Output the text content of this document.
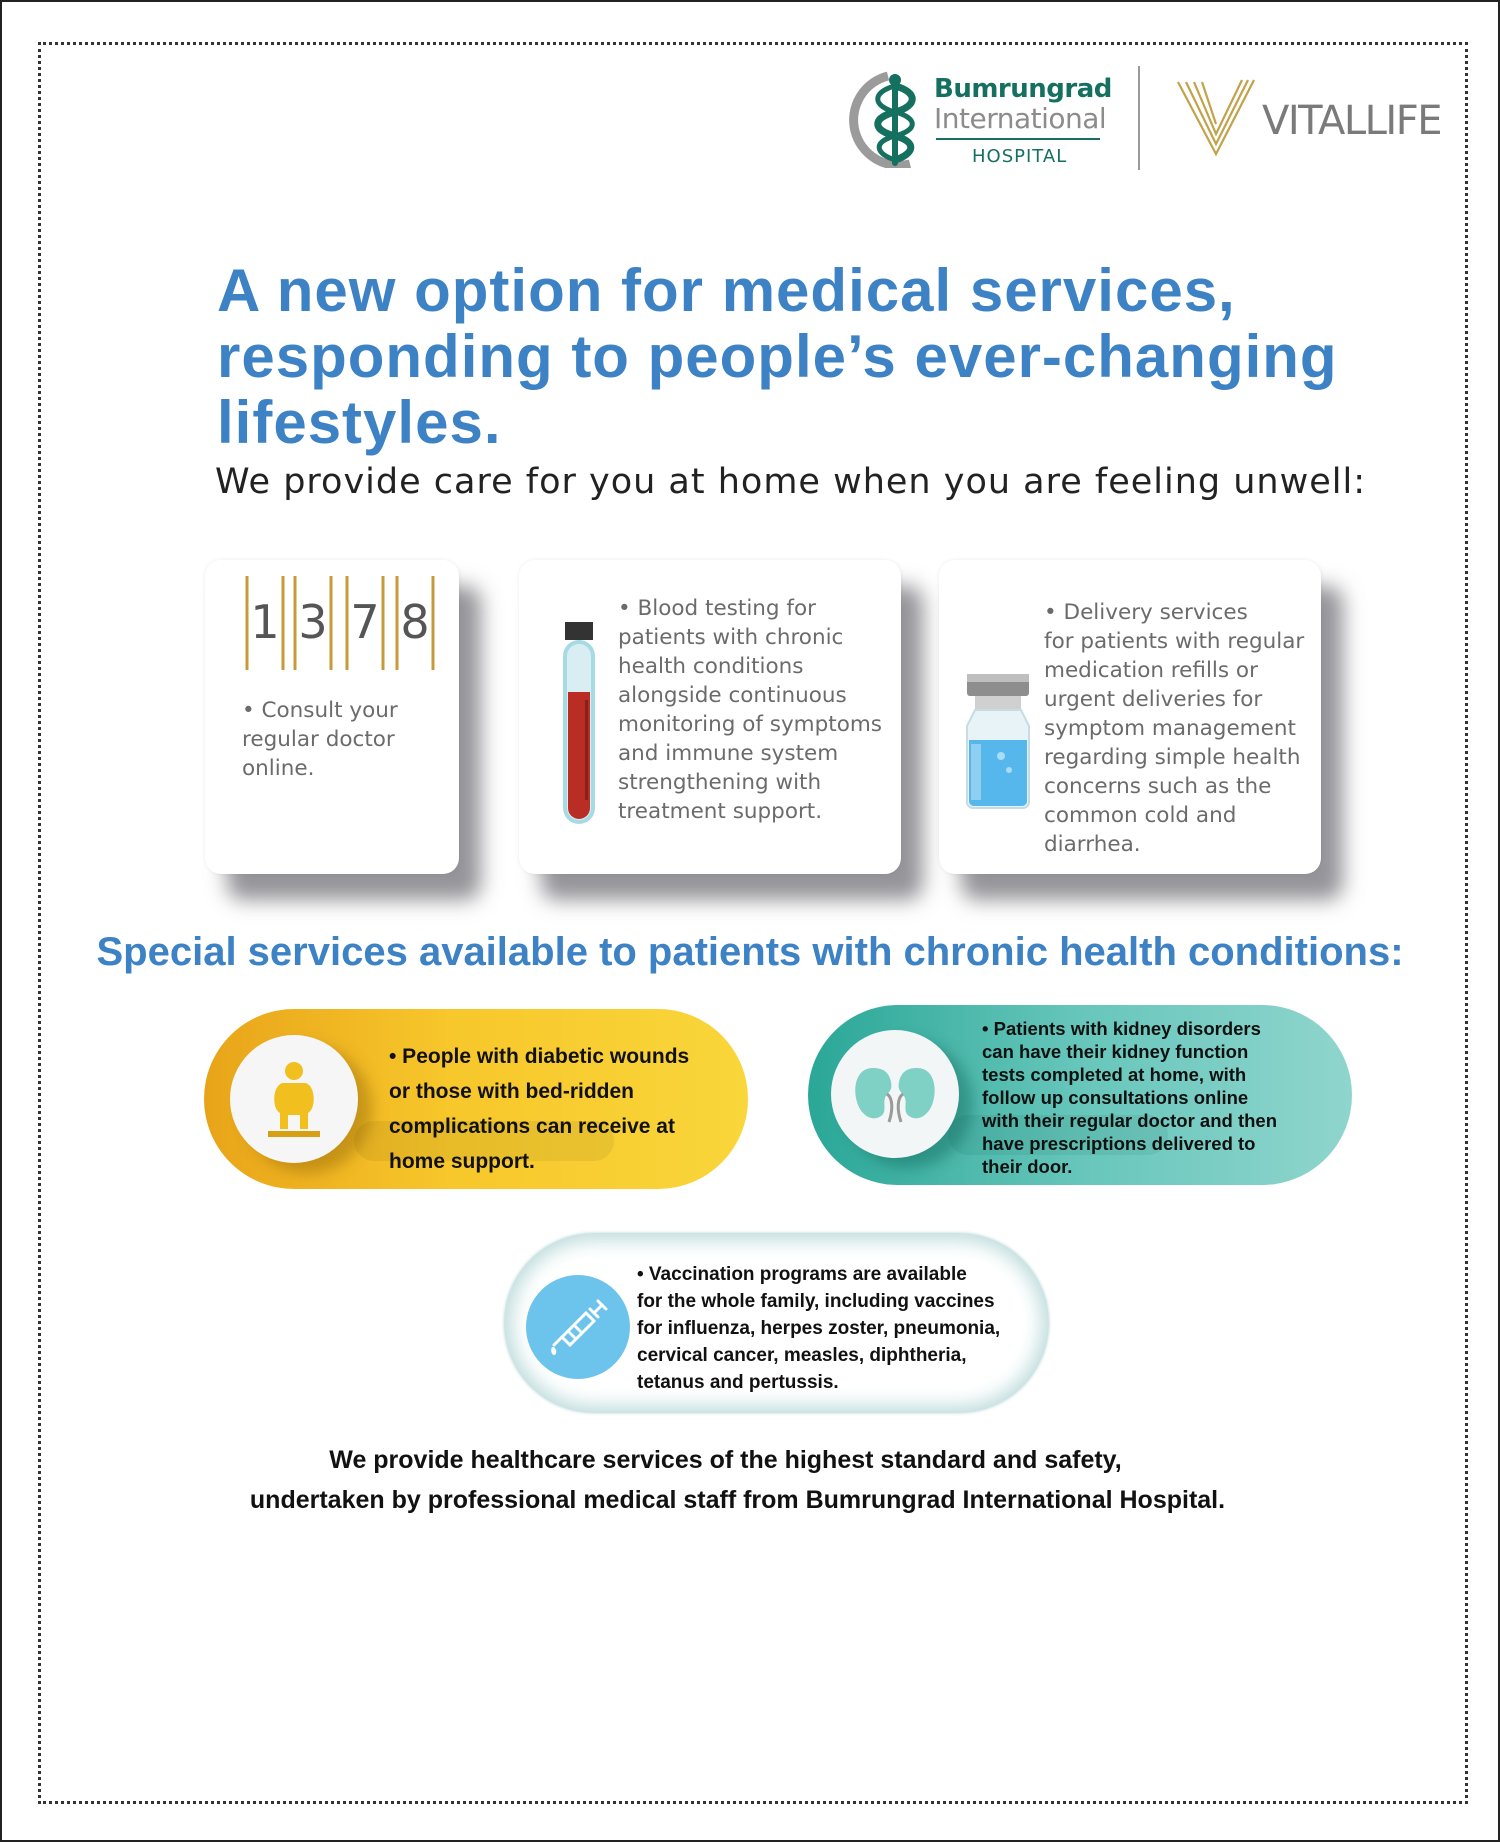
Bumrungrad
International
HOSPITAL
VITALLIFE
A new option for medical services, responding to people’s ever-changing lifestyles.
We provide care for you at home when you are feeling unwell:
1 3 7 8
• Consult your
regular doctor
online.
• Blood testing for
patients with chronic
health conditions
alongside continuous
monitoring of symptoms
and immune system
strengthening with
treatment support.
• Delivery services
for patients with regular
medication refills or
urgent deliveries for
symptom management
regarding simple health
concerns such as the
common cold and
diarrhea.
Special services available to patients with chronic health conditions:
• People with diabetic wounds
or those with bed-ridden
complications can receive at
home support.
• Patients with kidney disorders
can have their kidney function
tests completed at home, with
follow up consultations online
with their regular doctor and then
have prescriptions delivered to
their door.
• Vaccination programs are available
for the whole family, including vaccines
for influenza, herpes zoster, pneumonia,
cervical cancer, measles, diphtheria,
tetanus and pertussis.
We provide healthcare services of the highest standard and safety,
undertaken by professional medical staff from Bumrungrad International Hospital.
